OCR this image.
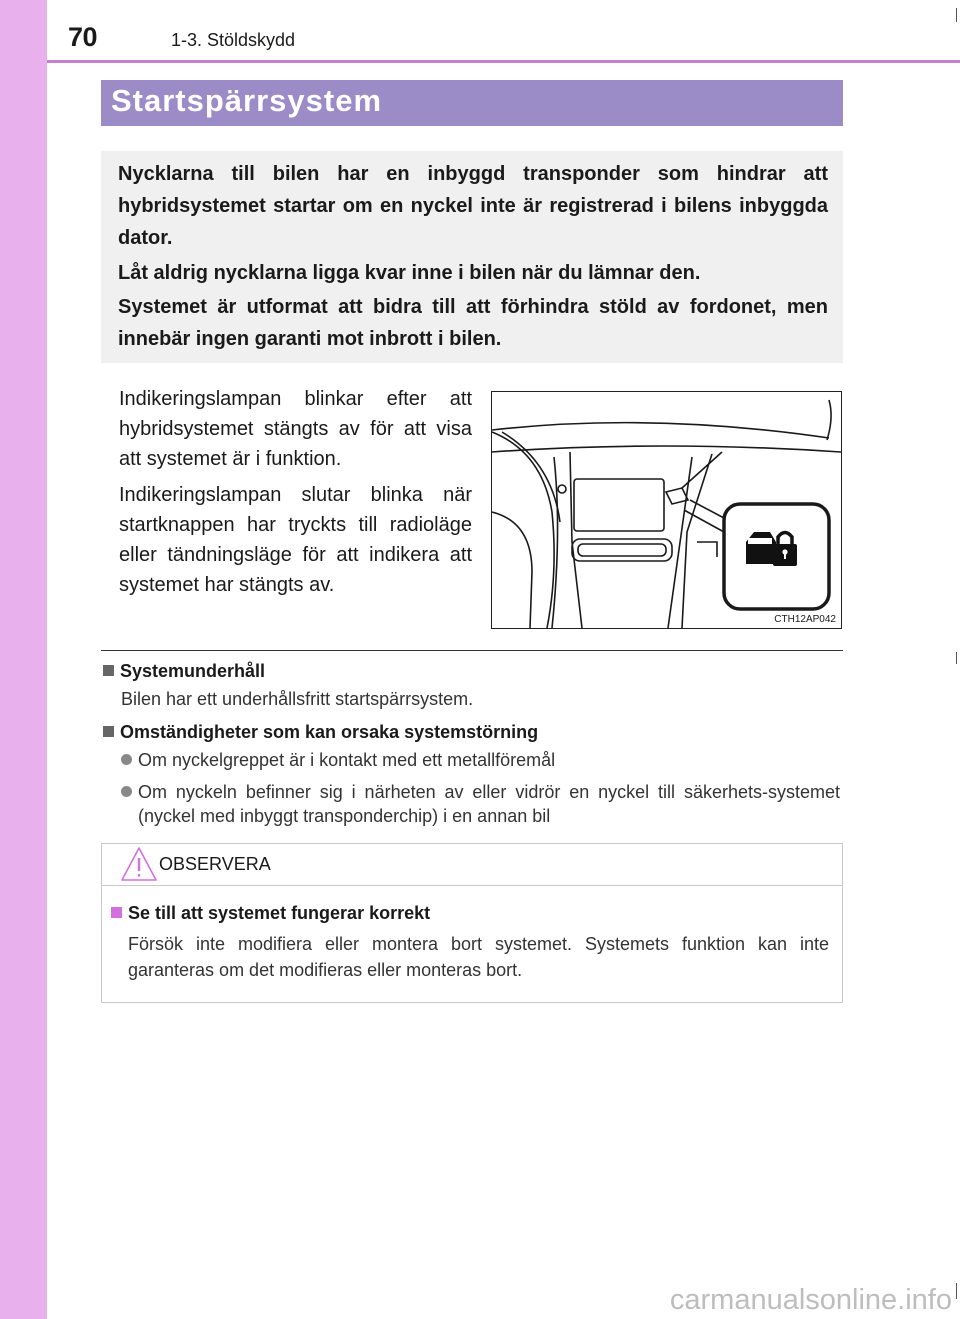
70	1-3. Stöldskydd
Startspärrsystem

Nycklarna till bilen har en inbyggd transponder som hindrar att hybridsystemet startar om en nyckel inte är registrerad i bilens inbyggda dator.

Låt aldrig nycklarna ligga kvar inne i bilen när du lämnar den.

Systemet är utformat att bidra till att förhindra stöld av fordonet, men innebär ingen garanti mot inbrott i bilen.

Indikeringslampan blinkar efter att hybridsystemet stängts av för att visa att systemet är i funktion.

Indikeringslampan slutar blinka när startknappen har tryckts till radioläge eller tändningsläge för att indikera att systemet har stängts av.

CTH12AP042

Systemunderhåll

Bilen har ett underhållsfritt startspärrsystem.

Omständigheter som kan orsaka systemstörning

Om nyckelgreppet är i kontakt med ett metallföremål
Om nyckeln befinner sig i närheten av eller vidrör en nyckel till säkerhets-systemet (nyckel med inbyggt transponderchip) i en annan bil
OBSERVERA

Se till att systemet fungerar korrekt

Försök inte modifiera eller montera bort systemet. Systemets funktion kan inte garanteras om det modifieras eller monteras bort.

carmanualsonline.info
